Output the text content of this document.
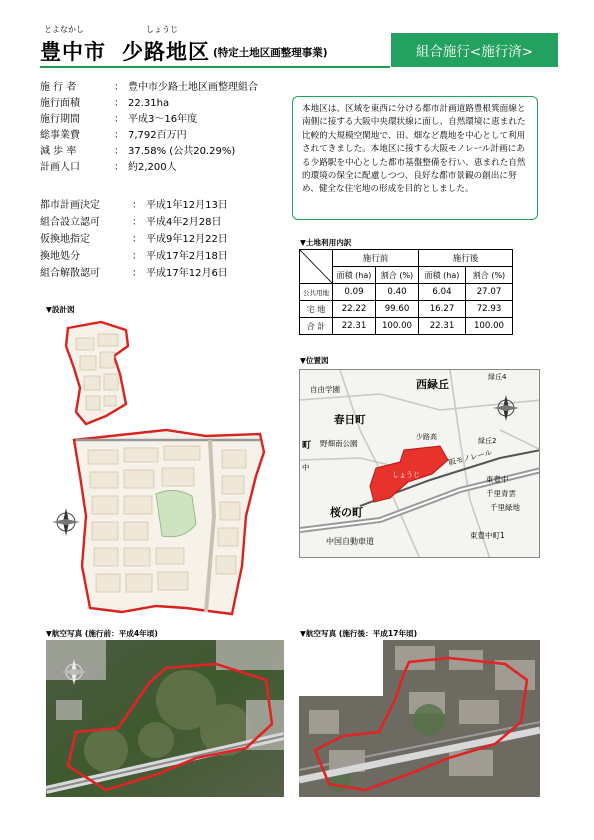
とよなかし	しょうじ
豊中市 少路地区 (特定土地区画整理事業)	組合施行<施行済>
施 行 者	： 豊中市少路土地区画整理組合
施行面積	： 22.31ha
施行期間	： 平成3～16年度
総事業費	： 7,792百万円
減 歩 率	： 37.58% (公共20.29%)
計画人口	： 約2,200人
都市計画決定	： 平成1年12月13日
組合設立認可	： 平成4年2月28日
仮換地指定	： 平成9年12月22日
換地処分	： 平成17年2月18日
組合解散認可	： 平成17年12月6日
本地区は、区域を東西に分ける都市計画道路豊根箕面線と南側に接する大阪中央環状線に面し、自然環境に恵まれた比較的大規模空閑地で、田、畑など農地を中心として利用されてきました。本地区に接する大阪モノレール計画にある少路駅を中心とした都市基盤整備を行い、恵まれた自然的環境の保全に配慮しつつ、良好な都市景観の創出に努め、健全な住宅地の形成を目的としました。
▼土地利用内訳
	施行前		施行後	
	面積 (ha)	割合 (%)	面積 (ha)	割合 (%)
公共用地	0.09	0.40	6.04	27.07
宅 地	22.22	99.60	16.27	72.93
合 計	22.31	100.00	22.31	100.00
▼設計図
▼位置図
西緑丘
緑丘4
自由学園
春日町
町 野畑南公園
少路高	緑丘2
中
阪モノレール
しょうじ	東豊中
千里青雲
千里緑地
桜の町
中国自動車道
東豊中町1
▼航空写真 (施行前：平成4年頃)	▼航空写真 (施行後：平成17年頃)
